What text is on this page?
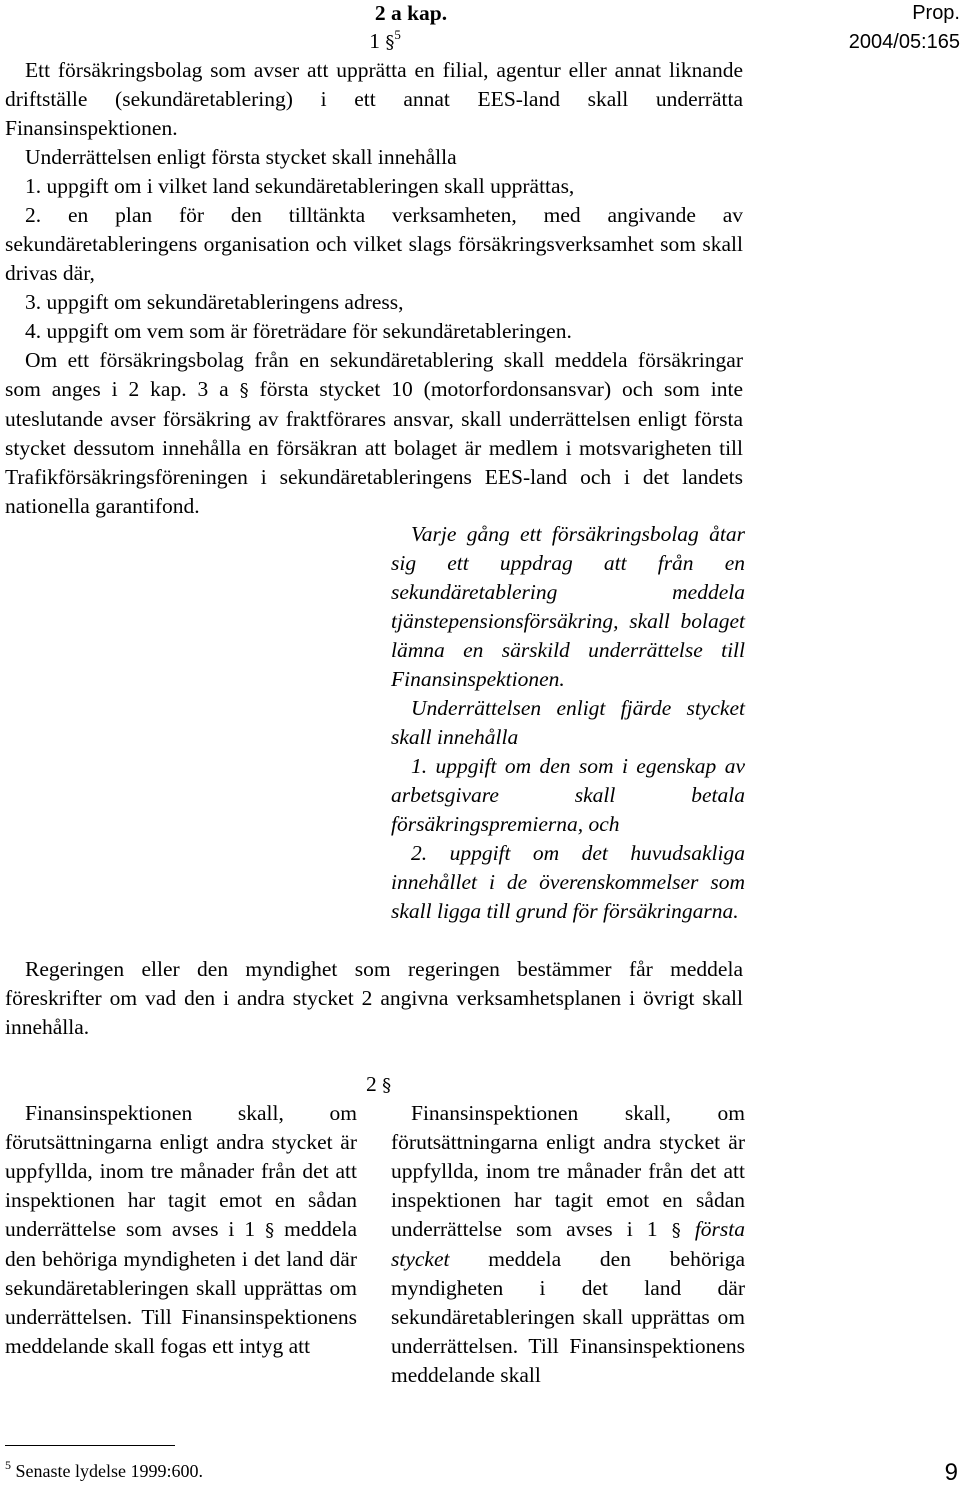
2 a kap.	Prop. 2004/05:165
1 §$^5$

Ett försäkringsbolag som avser att upprätta en filial, agentur eller annat liknande driftställe (sekundäretablering) i ett annat EES-land skall underrätta Finansinspektionen.

Underrättelsen enligt första stycket skall innehålla

1. uppgift om i vilket land sekundäretableringen skall upprättas,

2. en plan för den tilltänkta verksamheten, med angivande av sekundäretableringens organisation och vilket slags försäkringsverksamhet som skall drivas där,

3. uppgift om sekundäretableringens adress,

4. uppgift om vem som är företrädare för sekundäretableringen.

Om ett försäkringsbolag från en sekundäretablering skall meddela försäkringar som anges i 2 kap. 3 a § första stycket 10 (motorfordonsansvar) och som inte uteslutande avser försäkring av fraktförares ansvar, skall underrättelsen enligt första stycket dessutom innehålla en försäkran att bolaget är medlem i motsvarigheten till Trafikförsäkringsföreningen i sekundäretableringens EES-land och i det landets nationella garantifond.

Varje gång ett försäkringsbolag åtar sig ett uppdrag att från en sekundäretablering meddela tjänstepensionsförsäkring, skall bolaget lämna en särskild underrättelse till Finansinspektionen.

Underrättelsen enligt fjärde stycket skall innehålla

1. uppgift om den som i egenskap av arbetsgivare skall betala försäkringspremierna, och

2. uppgift om det huvudsakliga innehållet i de överenskommelser som skall ligga till grund för försäkringarna.

Regeringen eller den myndighet som regeringen bestämmer får meddela föreskrifter om vad den i andra stycket 2 angivna verksamhetsplanen i övrigt skall innehålla.

2 §

Finansinspektionen skall, om förutsättningarna enligt andra stycket är uppfyllda, inom tre månader från det att inspektionen har tagit emot en sådan underrättelse som avses i 1 § meddela den behöriga myndigheten i det land där sekundäretableringen skall upprättas om underrättelsen. Till Finansinspektionens meddelande skall fogas ett intyg att

Finansinspektionen skall, om förutsättningarna enligt andra stycket är uppfyllda, inom tre månader från det att inspektionen har tagit emot en sådan underrättelse som avses i 1 § första stycket meddela den behöriga myndigheten i det land där sekundäretableringen skall upprättas om underrättelsen. Till Finansinspektionens meddelande skall

$^5$ Senaste lydelse 1999:600.	9
